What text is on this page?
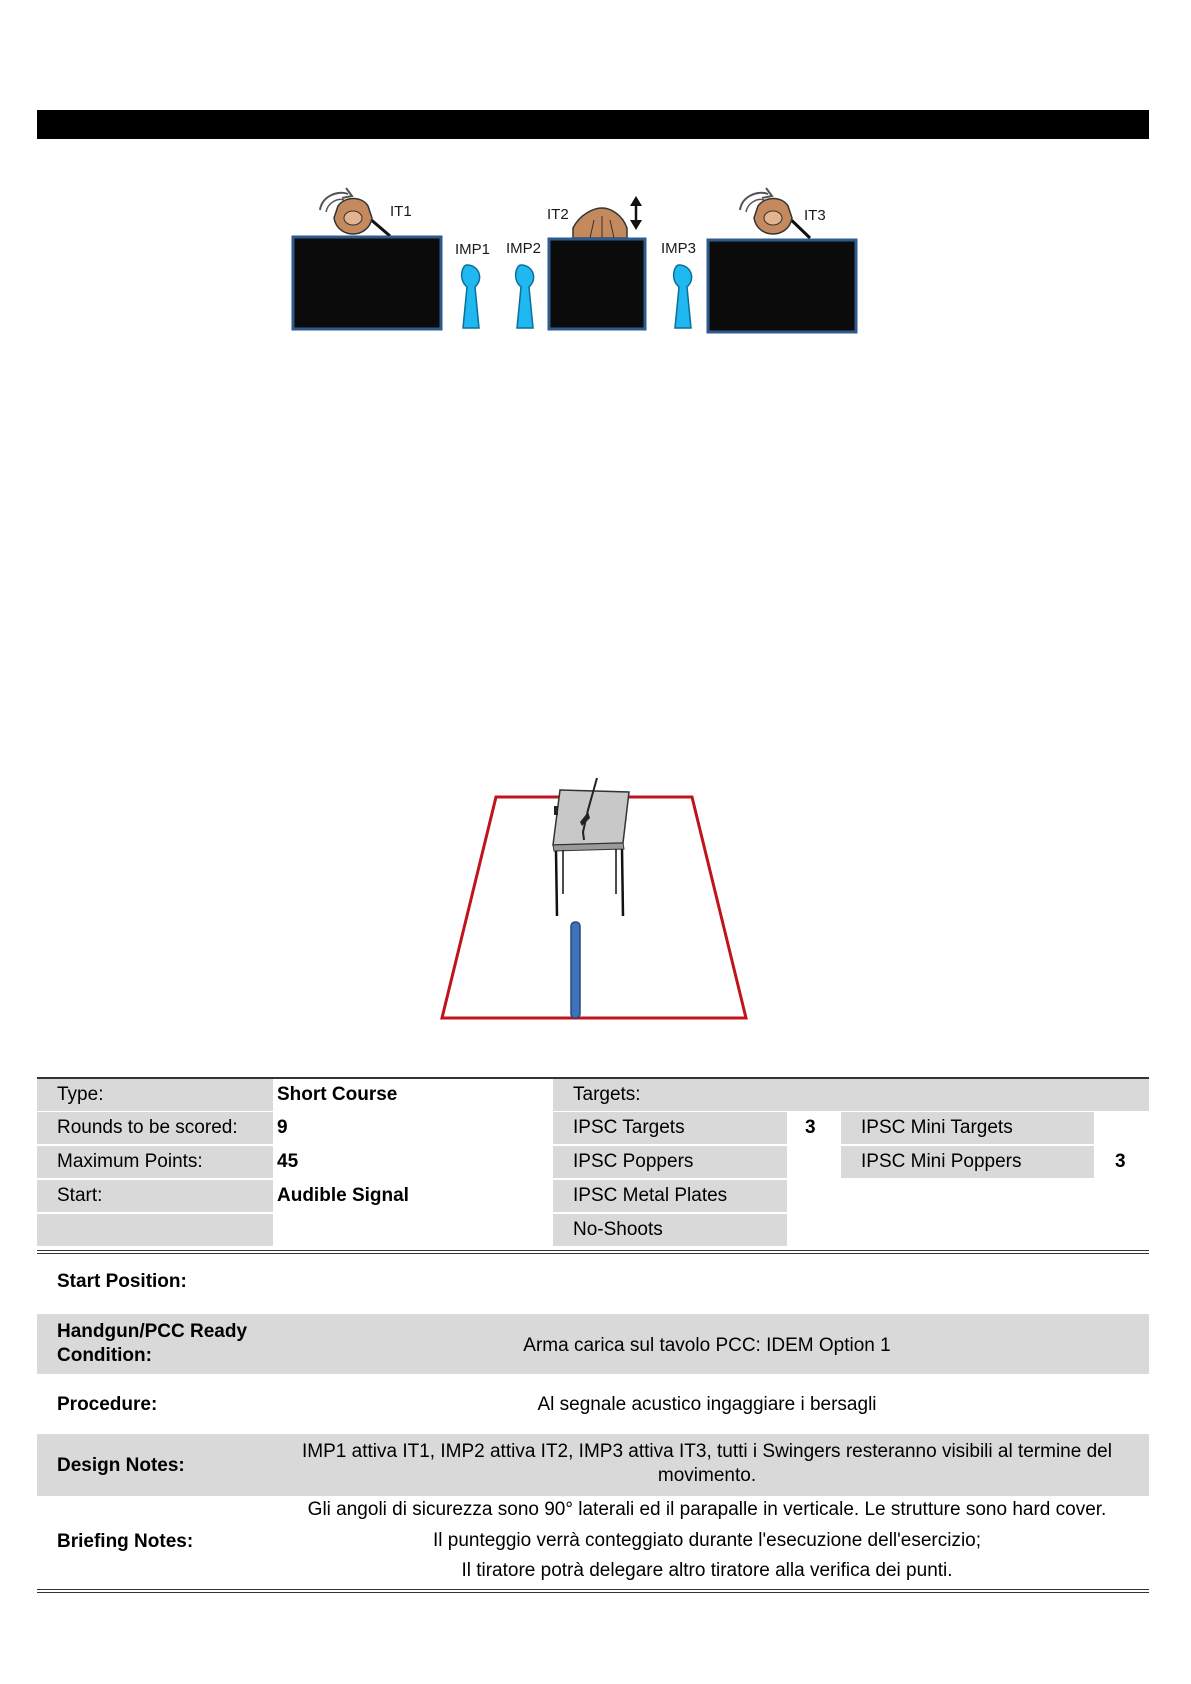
IT1
IMP1 IMP2
IT2
IMP3
IT3
Type:	Short Course	Targets:
Rounds to be scored:	9	IPSC Targets	3	IPSC Mini Targets
Maximum Points:	45	IPSC Poppers	IPSC Mini Poppers	3
Start:	Audible Signal	IPSC Metal Plates
No-Shoots
Start Position:
Handgun/PCC Ready
Condition:	Arma carica sul tavolo PCC: IDEM Option 1
Procedure:	Al segnale acustico ingaggiare i bersagli
Design Notes:
IMP1 attiva IT1, IMP2 attiva IT2, IMP3 attiva IT3, tutti i Swingers resteranno visibili al termine del
movimento.
Briefing Notes:
Gli angoli di sicurezza sono 90° laterali ed il parapalle in verticale. Le strutture sono hard cover.
Il punteggio verrà conteggiato durante l'esecuzione dell'esercizio;
Il tiratore potrà delegare altro tiratore alla verifica dei punti.
